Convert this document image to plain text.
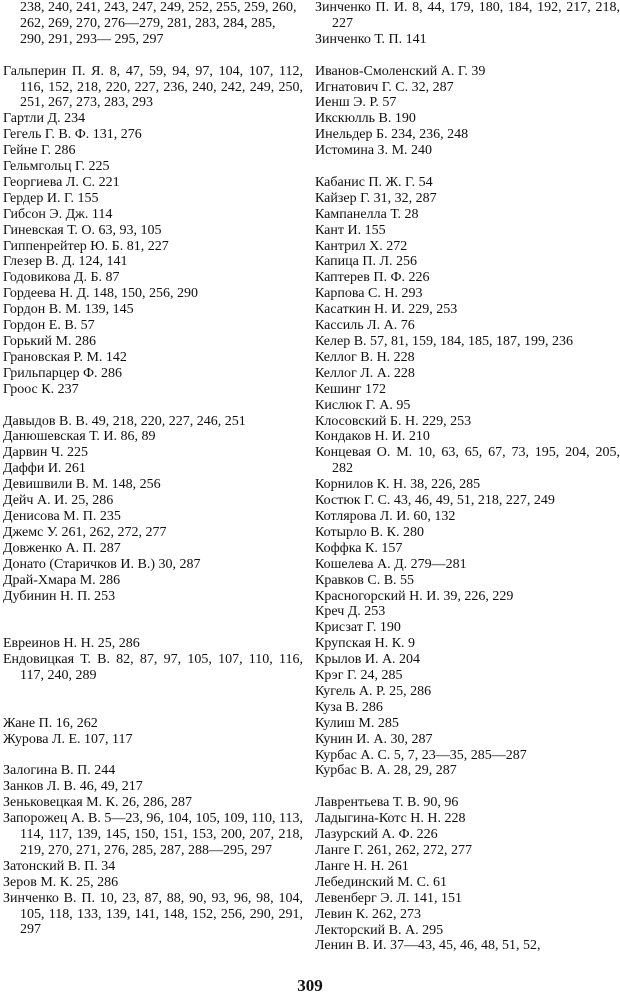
238, 240, 241, 243, 247, 249, 252, 255, 259, 260, 262, 269, 270, 276—279, 281, 283, 284, 285, 290, 291, 293— 295, 297
Гальперин П. Я. 8, 47, 59, 94, 97, 104, 107, 112, 116, 152, 218, 220, 227, 236, 240, 242, 249, 250, 251, 267, 273, 283, 293
Гартли Д. 234
Гегель Г. В. Ф. 131, 276
Гейне Г. 286
Гельмгольц Г. 225
Георгиева Л. С. 221
Гердер И. Г. 155
Гибсон Э. Дж. 114
Гиневская Т. О. 63, 93, 105
Гиппенрейтер Ю. Б. 81, 227
Глезер В. Д. 124, 141
Годовикова Д. Б. 87
Гордеева Н. Д. 148, 150, 256, 290
Гордон В. М. 139, 145
Гордон Е. В. 57
Горький М. 286
Грановская Р. М. 142
Грильпарцер Ф. 286
Гроос К. 237
Давыдов В. В. 49, 218, 220, 227, 246, 251
Данюшевская Т. И. 86, 89
Дарвин Ч. 225
Даффи И. 261
Девишвили В. М. 148, 256
Дейч А. И. 25, 286
Денисова М. П. 235
Джемс У. 261, 262, 272, 277
Довженко А. П. 287
Донато (Старичков И. В.) 30, 287
Драй-Хмара М. 286
Дубинин Н. П. 253
Евреинов Н. Н. 25, 286
Ендовицкая Т. В. 82, 87, 97, 105, 107, 110, 116, 117, 240, 289
Жане П. 16, 262
Журова Л. Е. 107, 117
Залогина В. П. 244
Занков Л. В. 46, 49, 217
Зеньковецкая М. К. 26, 286, 287
Запорожец А. В. 5—23, 96, 104, 105, 109, 110, 113, 114, 117, 139, 145, 150, 151, 153, 200, 207, 218, 219, 270, 271, 276, 285, 287, 288—295, 297
Затонский В. П. 34
Зеров М. К. 25, 286
Зинченко В. П. 10, 23, 87, 88, 90, 93, 96, 98, 104, 105, 118, 133, 139, 141, 148, 152, 256, 290, 291, 297
Зинченко П. И. 8, 44, 179, 180, 184, 192, 217, 218, 227
Зинченко Т. П. 141
Иванов-Смоленский А. Г. 39
Игнатович Г. С. 32, 287
Иенш Э. Р. 57
Икскюлль В. 190
Инельдер Б. 234, 236, 248
Истомина З. М. 240
Кабанис П. Ж. Г. 54
Кайзер Г. 31, 32, 287
Кампанелла Т. 28
Кант И. 155
Кантрил Х. 272
Капица П. Л. 256
Каптерев П. Ф. 226
Карпова С. Н. 293
Касаткин Н. И. 229, 253
Кассиль Л. А. 76
Келер В. 57, 81, 159, 184, 185, 187, 199, 236
Келлог В. Н. 228
Келлог Л. А. 228
Кешинг 172
Кислюк Г. А. 95
Клосовский Б. Н. 229, 253
Кондаков Н. И. 210
Концевая О. М. 10, 63, 65, 67, 73, 195, 204, 205, 282
Корнилов К. Н. 38, 226, 285
Костюк Г. С. 43, 46, 49, 51, 218, 227, 249
Котлярова Л. И. 60, 132
Котырло В. К. 280
Коффка К. 157
Кошелева А. Д. 279—281
Кравков С. В. 55
Красногорский Н. И. 39, 226, 229
Креч Д. 253
Крисзат Г. 190
Крупская Н. К. 9
Крылов И. А. 204
Крэг Г. 24, 285
Кугель А. Р. 25, 286
Куза В. 286
Кулиш М. 285
Кунин И. А. 30, 287
Курбас А. С. 5, 7, 23—35, 285—287
Курбас В. А. 28, 29, 287
Лаврентьева Т. В. 90, 96
Ладыгина-Котс Н. Н. 228
Лазурский А. Ф. 226
Ланге Г. 261, 262, 272, 277
Ланге Н. Н. 261
Лебединский М. С. 61
Левенберг Э. Л. 141, 151
Левин К. 262, 273
Лекторский В. А. 295
Ленин В. И. 37—43, 45, 46, 48, 51, 52,
309
